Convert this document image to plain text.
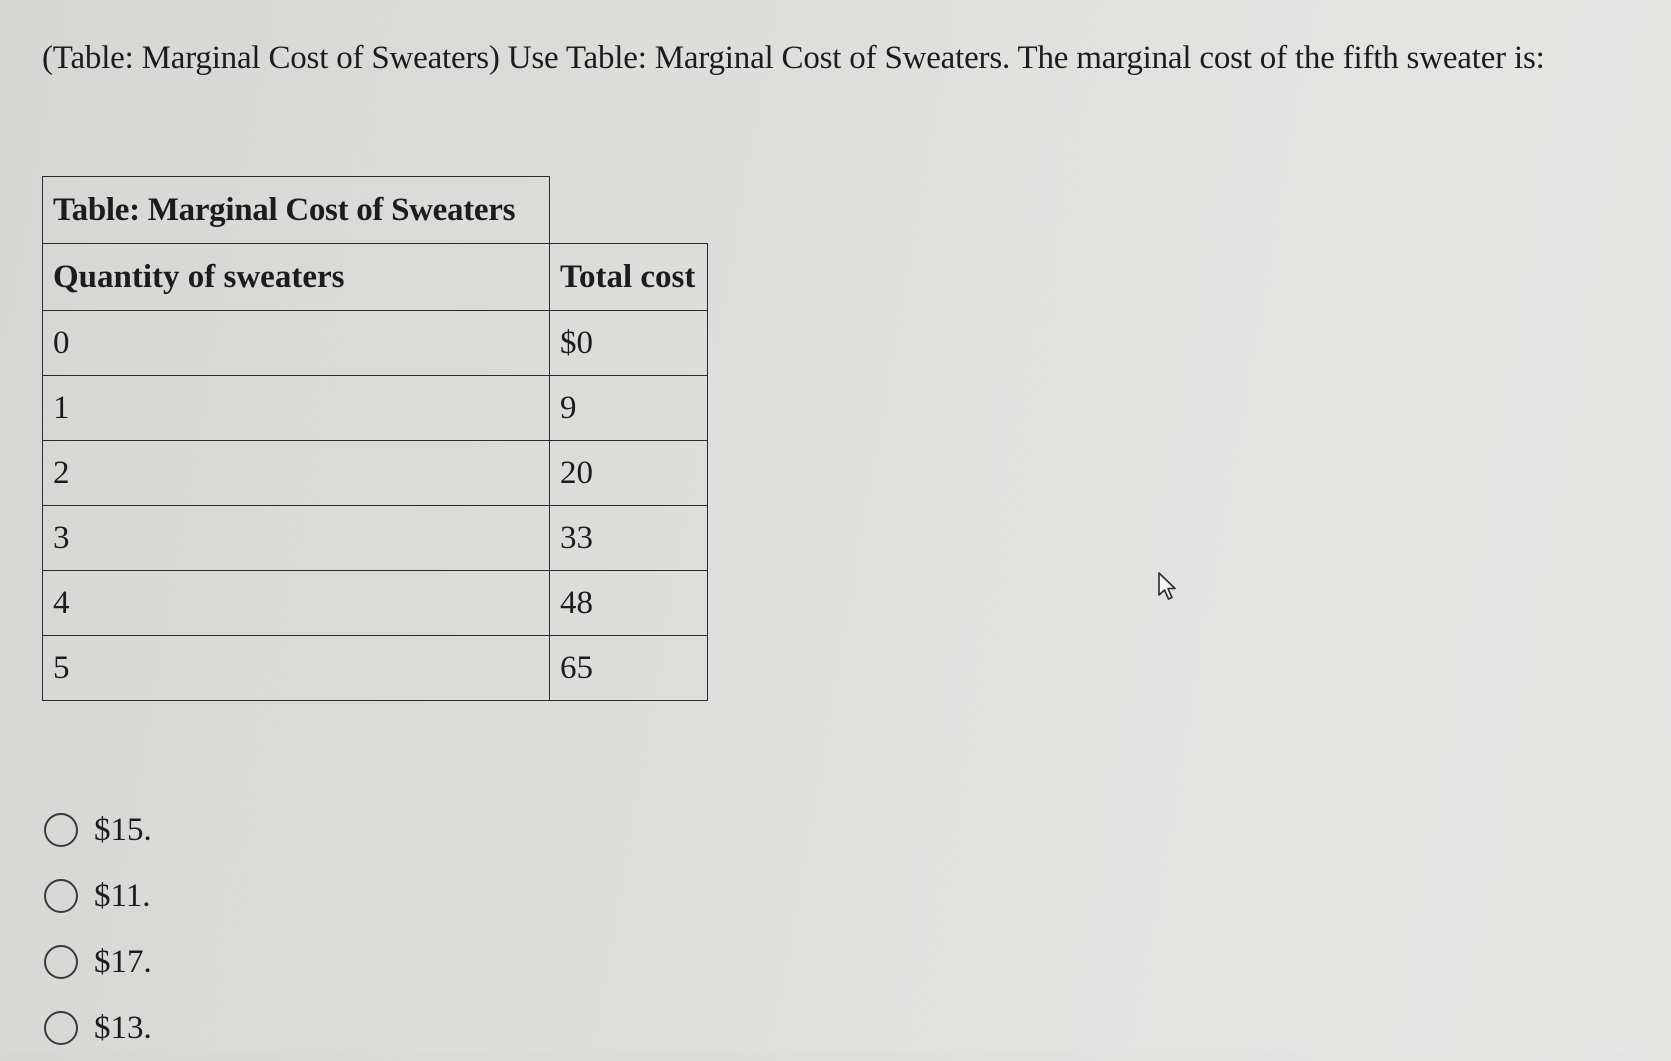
(Table: Marginal Cost of Sweaters) Use Table: Marginal Cost of Sweaters. The marginal cost of the fifth sweater is:

Table: Marginal Cost of Sweaters	
Quantity of sweaters	Total cost
0	$0
1	9
2	20
3	33
4	48
5	65
$15.
$11.
$17.
$13.
